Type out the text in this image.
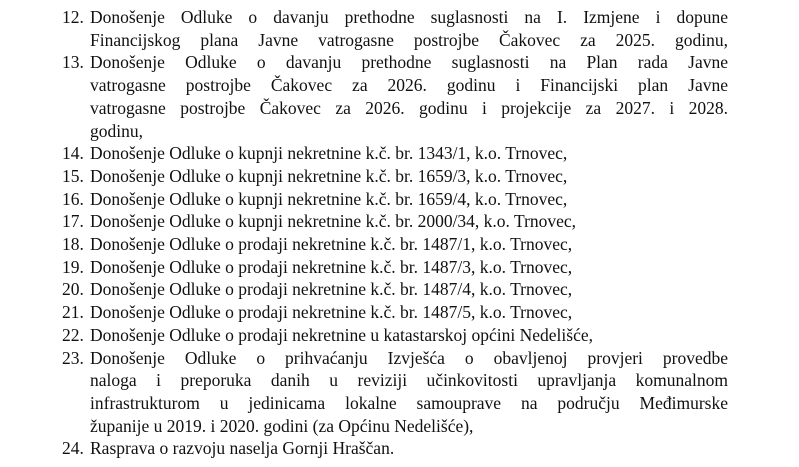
12. Donošenje Odluke o davanju prethodne suglasnosti na I. Izmjene i dopune
Financijskog plana Javne vatrogasne postrojbe Čakovec za 2025. godinu,
13. Donošenje Odluke o davanju prethodne suglasnosti na Plan rada Javne
vatrogasne postrojbe Čakovec za 2026. godinu i Financijski plan Javne
vatrogasne postrojbe Čakovec za 2026. godinu i projekcije za 2027. i 2028.
godinu,
14. Donošenje Odluke o kupnji nekretnine k.č. br. 1343/1, k.o. Trnovec,
15. Donošenje Odluke o kupnji nekretnine k.č. br. 1659/3, k.o. Trnovec,
16. Donošenje Odluke o kupnji nekretnine k.č. br. 1659/4, k.o. Trnovec,
17. Donošenje Odluke o kupnji nekretnine k.č. br. 2000/34, k.o. Trnovec,
18. Donošenje Odluke o prodaji nekretnine k.č. br. 1487/1, k.o. Trnovec,
19. Donošenje Odluke o prodaji nekretnine k.č. br. 1487/3, k.o. Trnovec,
20. Donošenje Odluke o prodaji nekretnine k.č. br. 1487/4, k.o. Trnovec,
21. Donošenje Odluke o prodaji nekretnine k.č. br. 1487/5, k.o. Trnovec,
22. Donošenje Odluke o prodaji nekretnine u katastarskoj općini Nedelišće,
23. Donošenje Odluke o prihvaćanju Izvješća o obavljenoj provjeri provedbe
naloga i preporuka danih u reviziji učinkovitosti upravljanja komunalnom
infrastrukturom u jedinicama lokalne samouprave na području Međimurske
županije u 2019. i 2020. godini (za Općinu Nedelišće),
24. Rasprava o razvoju naselja Gornji Hraščan.
